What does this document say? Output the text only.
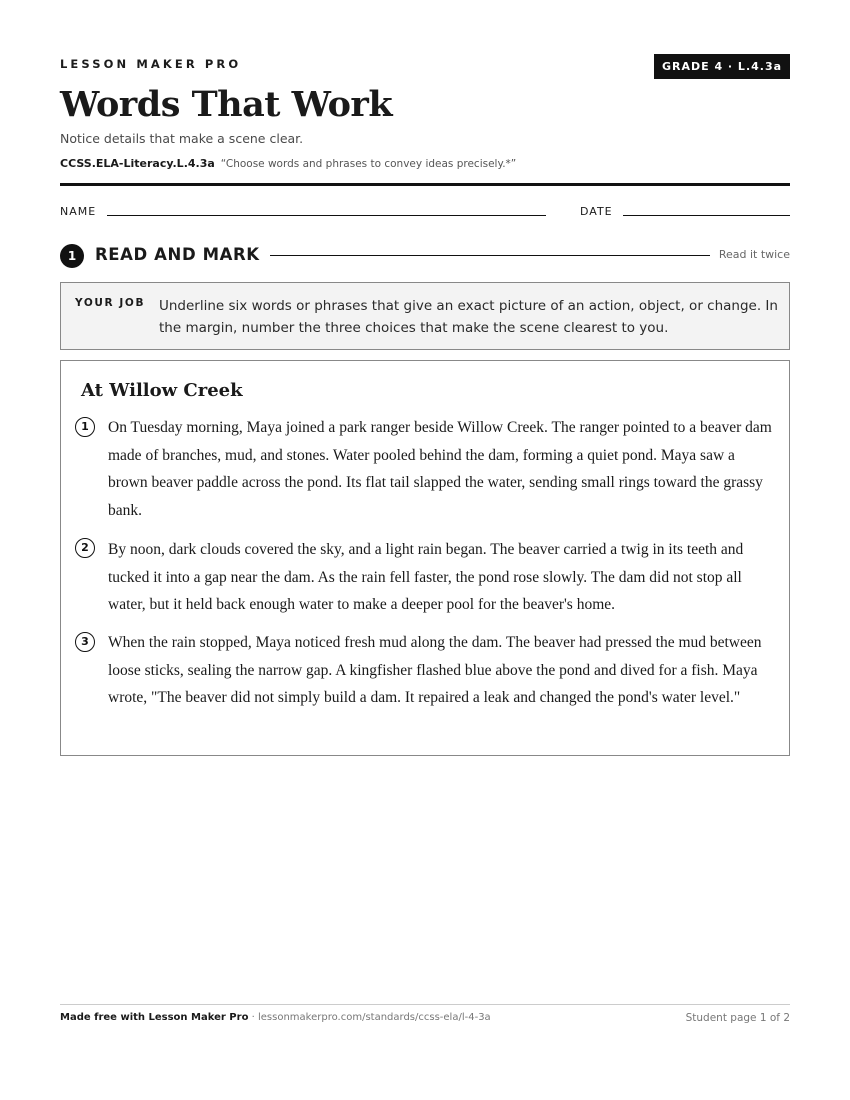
LESSON MAKER PRO	GRADE 4 · L.4.3a
Words That Work
Notice details that make a scene clear.
CCSS.ELA-Literacy.L.4.3a “Choose words and phrases to convey ideas precisely.*”
NAME	DATE
1	READ AND MARK	Read it twice
YOUR JOB Underline six words or phrases that give an exact picture of an action, object, or change. In the margin, number the three choices that make the scene clearest to you.
At Willow Creek
1	On Tuesday morning, Maya joined a park ranger beside Willow Creek. The ranger pointed to a beaver dam made of branches, mud, and stones. Water pooled behind the dam, forming a quiet pond. Maya saw a brown beaver paddle across the pond. Its flat tail slapped the water, sending small rings toward the grassy bank.
2	By noon, dark clouds covered the sky, and a light rain began. The beaver carried a twig in its teeth and tucked it into a gap near the dam. As the rain fell faster, the pond rose slowly. The dam did not stop all water, but it held back enough water to make a deeper pool for the beaver's home.
3	When the rain stopped, Maya noticed fresh mud along the dam. The beaver had pressed the mud between loose sticks, sealing the narrow gap. A kingfisher flashed blue above the pond and dived for a fish. Maya wrote, "The beaver did not simply build a dam. It repaired a leak and changed the pond's water level."
Made free with Lesson Maker Pro · lessonmakerpro.com/standards/ccss-ela/l-4-3a	Student page 1 of 2
